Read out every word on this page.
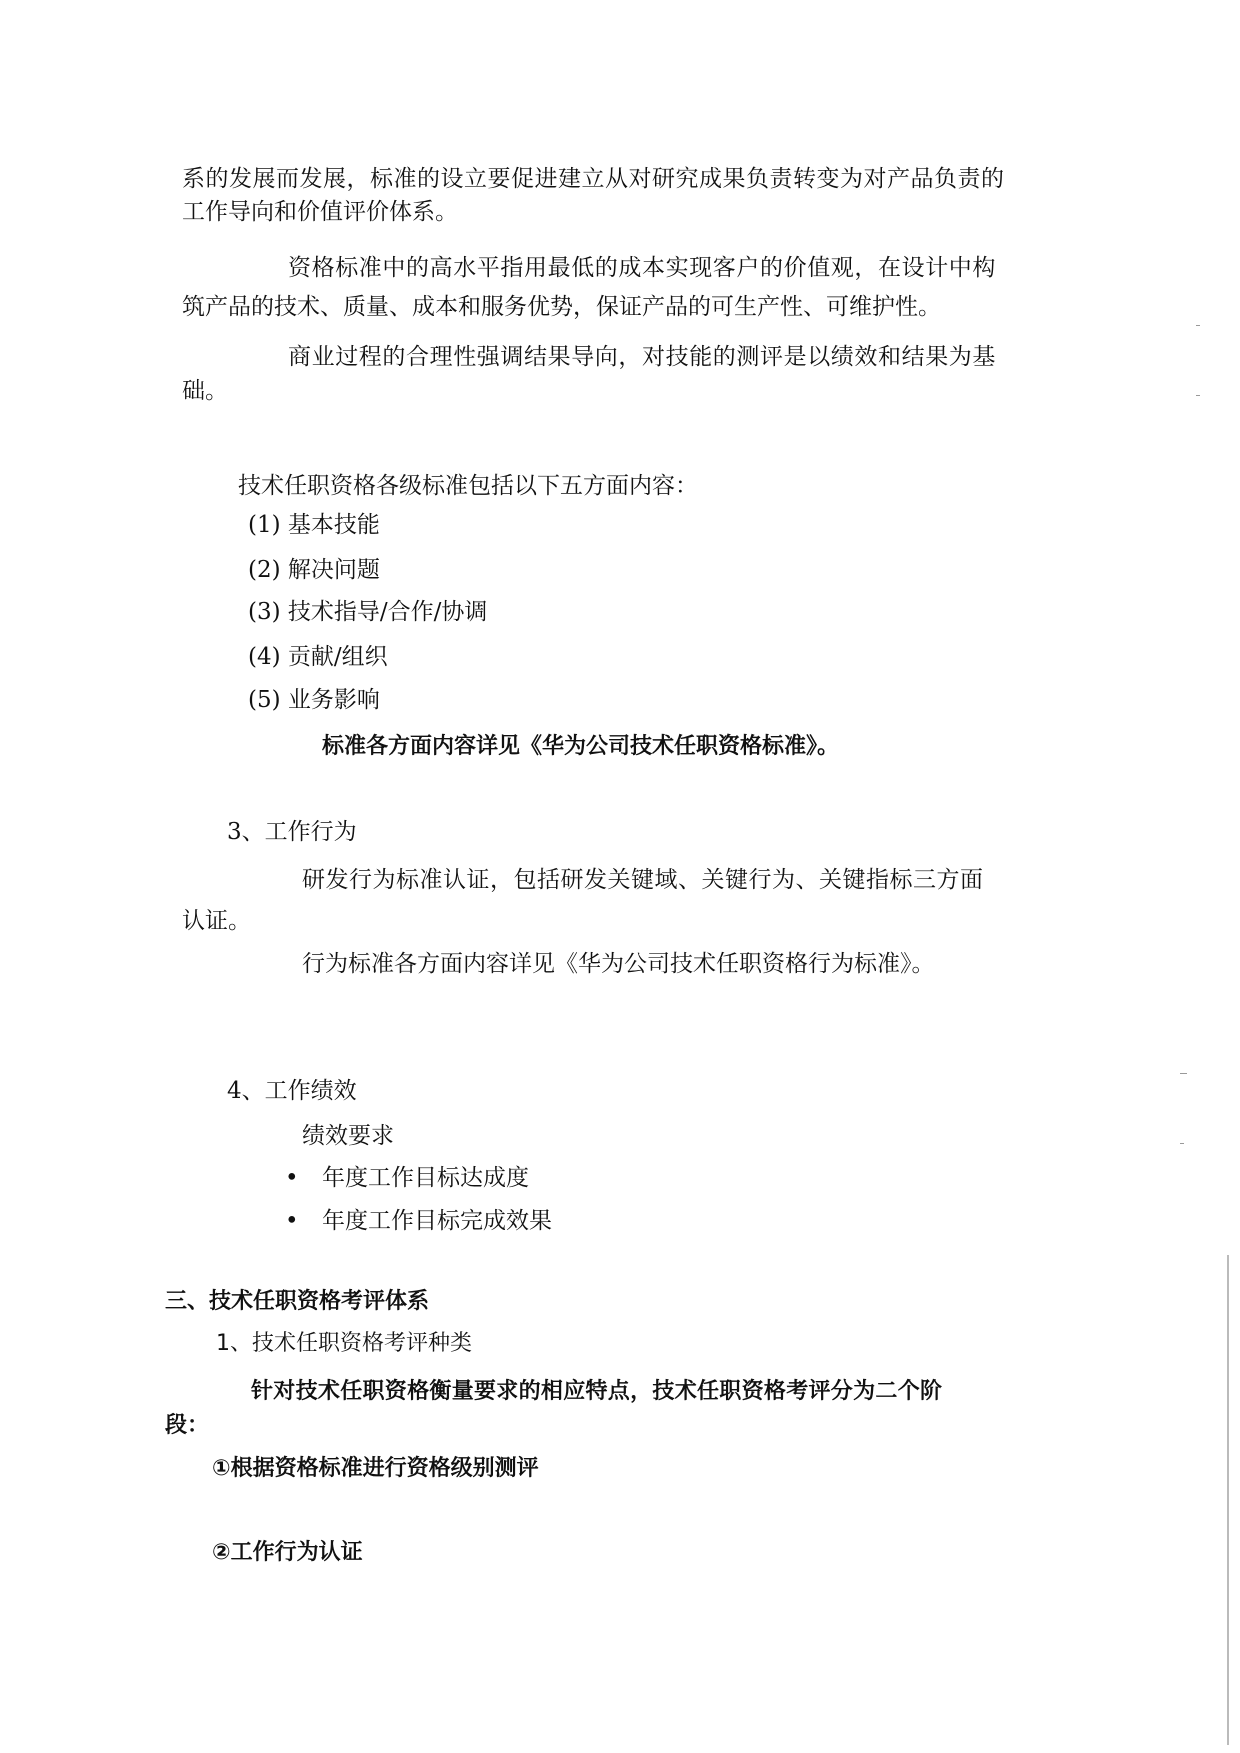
系的发展而发展，标准的设立要促进建立从对研究成果负责转变为对产品负责的
工作导向和价值评价体系。
资格标准中的高水平指用最低的成本实现客户的价值观，在设计中构
筑产品的技术、质量、成本和服务优势，保证产品的可生产性、可维护性。
商业过程的合理性强调结果导向，对技能的测评是以绩效和结果为基
础。
技术任职资格各级标准包括以下五方面内容：
(1) 基本技能
(2) 解决问题
(3) 技术指导/合作/协调
(4) 贡献/组织
(5) 业务影响
标准各方面内容详见《华为公司技术任职资格标准》。
3、工作行为
研发行为标准认证，包括研发关键域、关键行为、关键指标三方面
认证。
行为标准各方面内容详见《华为公司技术任职资格行为标准》。
4、工作绩效
绩效要求
• 年度工作目标达成度
• 年度工作目标完成效果
三、技术任职资格考评体系
1、技术任职资格考评种类
针对技术任职资格衡量要求的相应特点，技术任职资格考评分为二个阶
段：
①根据资格标准进行资格级别测评
②工作行为认证
